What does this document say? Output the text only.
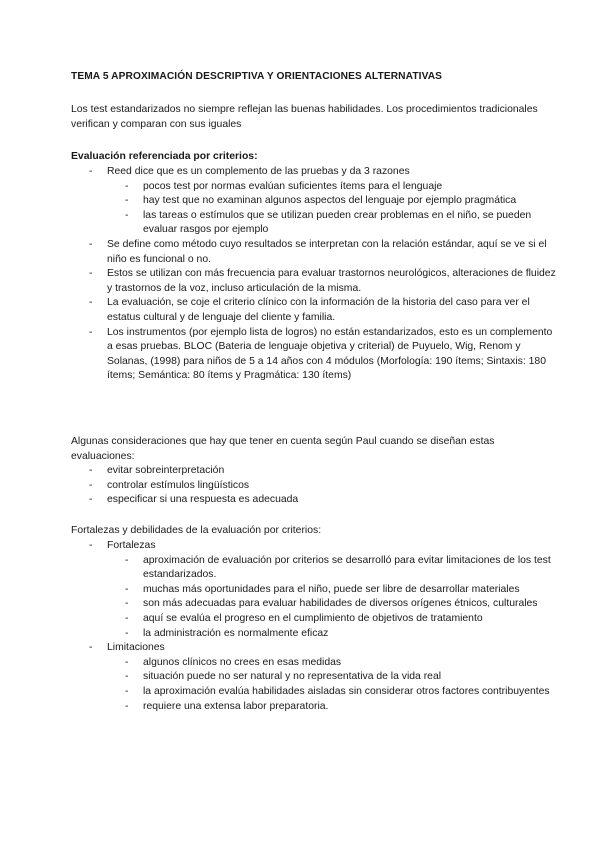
TEMA 5 APROXIMACIÓN DESCRIPTIVA Y ORIENTACIONES ALTERNATIVAS
Los test estandarizados no siempre reflejan las buenas habilidades. Los procedimientos tradicionales verifican y comparan con sus iguales
Evaluación referenciada por criterios:
- Reed dice que es un complemento de las pruebas y da 3 razones
- pocos test por normas evalúan suficientes ítems para el lenguaje
- hay test que no examinan algunos aspectos del lenguaje por ejemplo pragmática
- las tareas o estímulos que se utilizan pueden crear problemas en el niño, se pueden evaluar rasgos por ejemplo
- Se define como método cuyo resultados se interpretan con la relación estándar, aquí se ve si el niño es funcional o no.
- Estos se utilizan con más frecuencia para evaluar trastornos neurológicos, alteraciones de fluidez y trastornos de la voz, incluso articulación de la misma.
- La evaluación, se coje el criterio clínico con la información de la historia del caso para ver el estatus cultural y de lenguaje del cliente y familia.
- Los instrumentos (por ejemplo lista de logros) no están estandarizados, esto es un complemento a esas pruebas. BLOC (Bateria de lenguaje objetiva y criterial) de Puyuelo, Wig, Renom y Solanas, (1998) para niños de 5 a 14 años con 4 módulos (Morfología: 190 ítems; Sintaxis: 180 ítems; Semántica: 80 ítems y Pragmática: 130 ítems)
Algunas consideraciones que hay que tener en cuenta según Paul cuando se diseñan estas evaluaciones:
- evitar sobreinterpretación
- controlar estímulos lingüísticos
- especificar si una respuesta es adecuada
Fortalezas y debilidades de la evaluación por criterios:
- Fortalezas
- aproximación de evaluación por criterios se desarrolló para evitar limitaciones de los test estandarizados.
- muchas más oportunidades para el niño, puede ser libre de desarrollar materiales
- son más adecuadas para evaluar habilidades de diversos orígenes étnicos, culturales
- aquí se evalúa el progreso en el cumplimiento de objetivos de tratamiento
- la administración es normalmente eficaz
- Limitaciones
- algunos clínicos no crees en esas medidas
- situación puede no ser natural y no representativa de la vida real
- la aproximación evalúa habilidades aisladas sin considerar otros factores contribuyentes
- requiere una extensa labor preparatoria.
